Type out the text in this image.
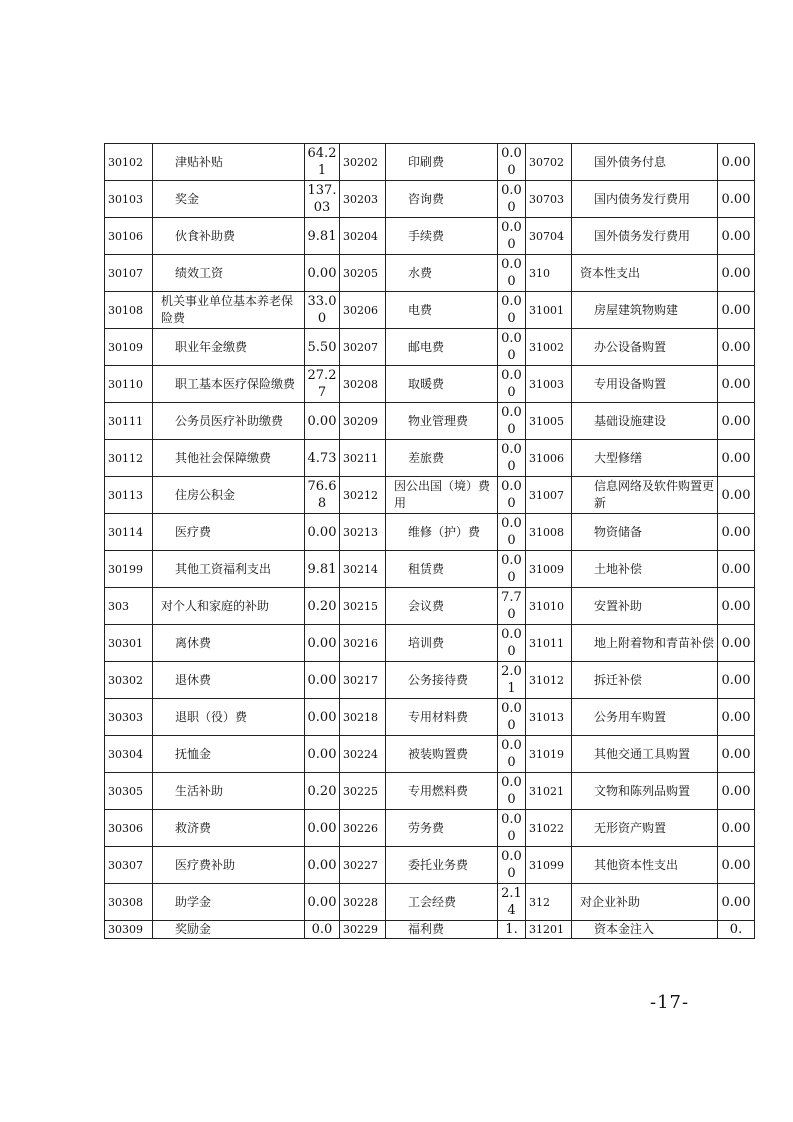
30102	津贴补贴	64.21	30202	印刷费	0.00	30702	国外债务付息	0.00
30103	奖金	137.03	30203	咨询费	0.00	30703	国内债务发行费用	0.00
30106	伙食补助费	9.81	30204	手续费	0.00	30704	国外债务发行费用	0.00
30107	绩效工资	0.00	30205	水费	0.00	310	资本性支出	0.00
30108	机关事业单位基本养老保险费	33.00	30206	电费	0.00	31001	房屋建筑物购建	0.00
30109	职业年金缴费	5.50	30207	邮电费	0.00	31002	办公设备购置	0.00
30110	职工基本医疗保险缴费	27.27	30208	取暖费	0.00	31003	专用设备购置	0.00
30111	公务员医疗补助缴费	0.00	30209	物业管理费	0.00	31005	基础设施建设	0.00
30112	其他社会保障缴费	4.73	30211	差旅费	0.00	31006	大型修缮	0.00
30113	住房公积金	76.68	30212	因公出国（境）费用	0.00	31007	信息网络及软件购置更新	0.00
30114	医疗费	0.00	30213	维修（护）费	0.00	31008	物资储备	0.00
30199	其他工资福利支出	9.81	30214	租赁费	0.00	31009	土地补偿	0.00
303	对个人和家庭的补助	0.20	30215	会议费	7.70	31010	安置补助	0.00
30301	离休费	0.00	30216	培训费	0.00	31011	地上附着物和青苗补偿	0.00
30302	退休费	0.00	30217	公务接待费	2.01	31012	拆迁补偿	0.00
30303	退职（役）费	0.00	30218	专用材料费	0.00	31013	公务用车购置	0.00
30304	抚恤金	0.00	30224	被装购置费	0.00	31019	其他交通工具购置	0.00
30305	生活补助	0.20	30225	专用燃料费	0.00	31021	文物和陈列品购置	0.00
30306	救济费	0.00	30226	劳务费	0.00	31022	无形资产购置	0.00
30307	医疗费补助	0.00	30227	委托业务费	0.00	31099	其他资本性支出	0.00
30308	助学金	0.00	30228	工会经费	2.14	312	对企业补助	0.00
30309	奖励金	0.0	30229	福利费	1.	31201	资本金注入	0.
-17-
